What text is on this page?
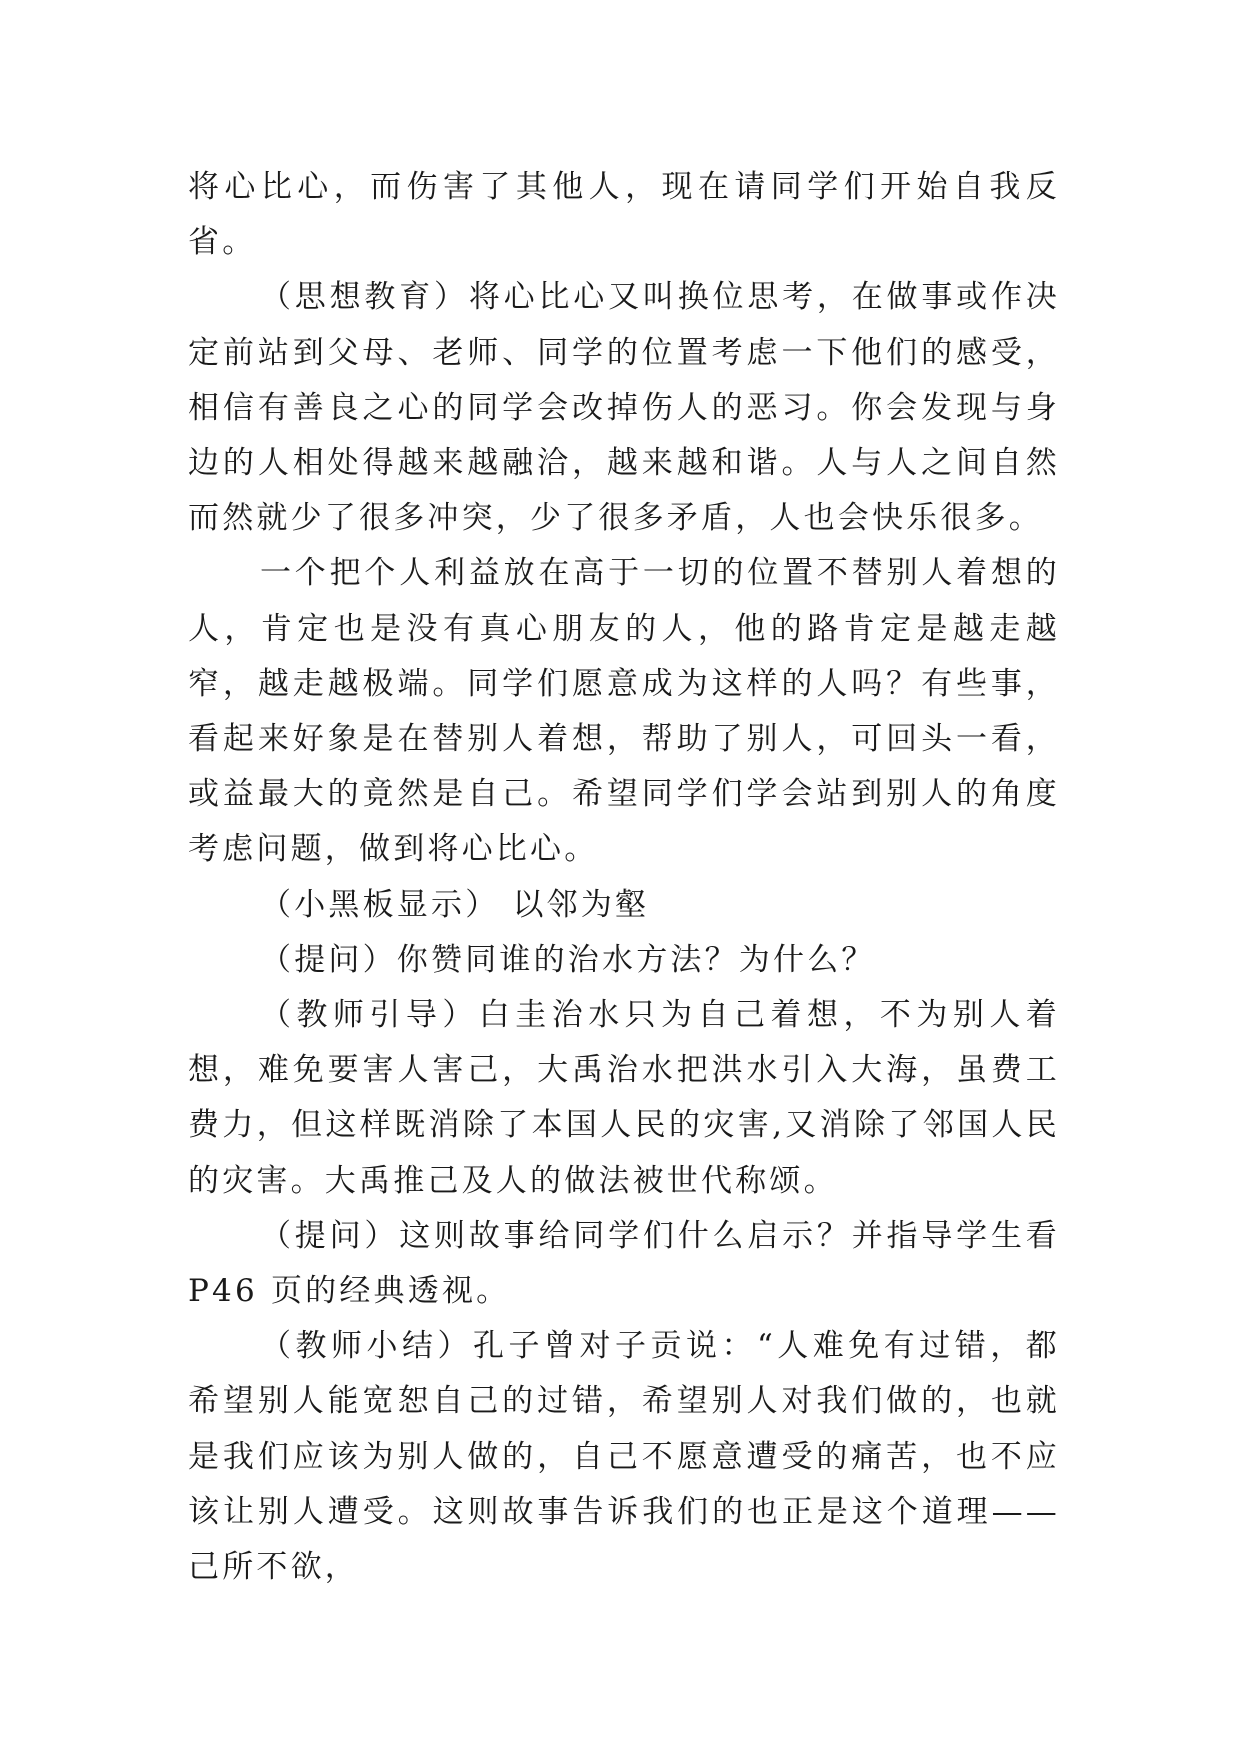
将心比心，而伤害了其他人，现在请同学们开始自我反省。

（思想教育）将心比心又叫换位思考，在做事或作决定前站到父母、老师、同学的位置考虑一下他们的感受，相信有善良之心的同学会改掉伤人的恶习。你会发现与身边的人相处得越来越融洽，越来越和谐。人与人之间自然而然就少了很多冲突，少了很多矛盾，人也会快乐很多。

一个把个人利益放在高于一切的位置不替别人着想的人，肯定也是没有真心朋友的人，他的路肯定是越走越窄，越走越极端。同学们愿意成为这样的人吗？有些事，看起来好象是在替别人着想，帮助了别人，可回头一看，或益最大的竟然是自己。希望同学们学会站到别人的角度考虑问题，做到将心比心。

（小黑板显示） 以邻为壑

（提问）你赞同谁的治水方法？为什么？

（教师引导）白圭治水只为自己着想，不为别人着想，难免要害人害己，大禹治水把洪水引入大海，虽费工费力，但这样既消除了本国人民的灾害,又消除了邻国人民的灾害。大禹推己及人的做法被世代称颂。

（提问）这则故事给同学们什么启示？并指导学生看P46 页的经典透视。

（教师小结）孔子曾对子贡说：“人难免有过错，都希望别人能宽恕自己的过错，希望别人对我们做的，也就是我们应该为别人做的，自己不愿意遭受的痛苦，也不应该让别人遭受。这则故事告诉我们的也正是这个道理——己所不欲，
